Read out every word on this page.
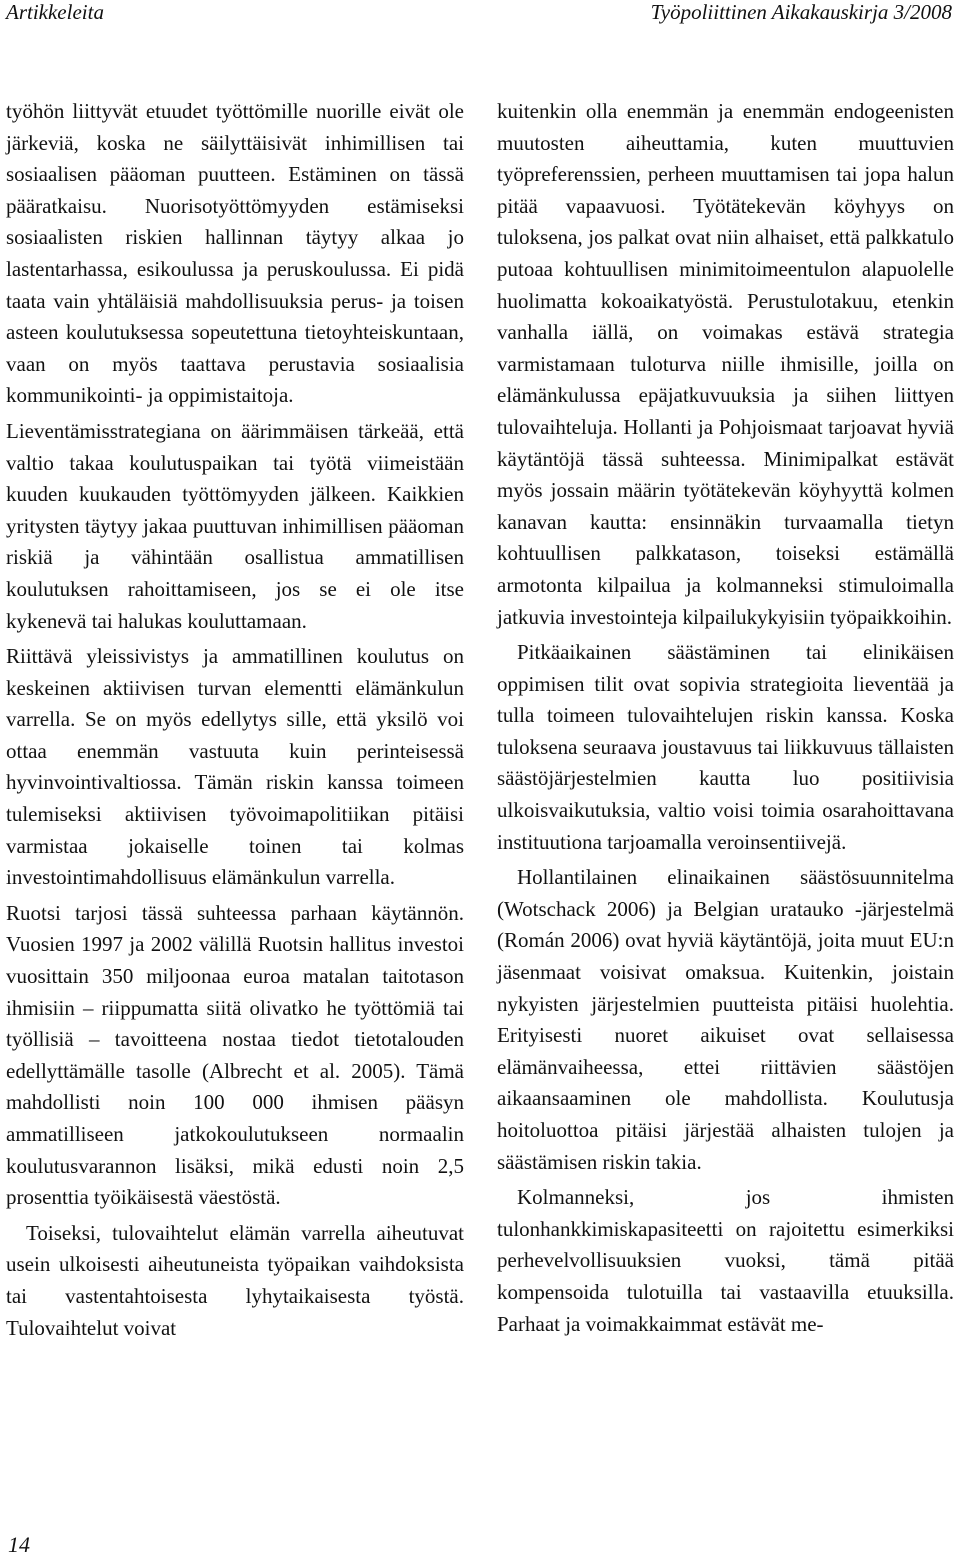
Artikkeleita	Työpoliittinen Aikakauskirja 3/2008

työhön liittyvät etuudet työttömille nuorille eivät ole järkeviä, koska ne säilyttäisivät inhimillisen tai sosiaalisen pääoman puutteen. Estäminen on tässä pääratkaisu. Nuorisotyöttömyyden estämiseksi sosiaalisten riskien hallinnan täytyy alkaa jo lastentarhassa, esikoulussa ja peruskoulussa. Ei pidä taata vain yhtäläisiä mahdollisuuksia perus- ja toisen asteen koulutuksessa sopeutettuna tietoyhteiskuntaan, vaan on myös taattava perustavia sosiaalisia kommunikointi- ja oppimistaitoja.

Lieventämisstrategiana on äärimmäisen tärkeää, että valtio takaa koulutuspaikan tai työtä viimeistään kuuden kuukauden työttömyyden jälkeen. Kaikkien yritysten täytyy jakaa puuttuvan inhimillisen pääoman riskiä ja vähintään osallistua ammatillisen koulutuksen rahoittamiseen, jos se ei ole itse kykenevä tai halukas kouluttamaan.

Riittävä yleissivistys ja ammatillinen koulutus on keskeinen aktiivisen turvan elementti elämänkulun varrella. Se on myös edellytys sille, että yksilö voi ottaa enemmän vastuuta kuin perinteisessä hyvinvointivaltiossa. Tämän riskin kanssa toimeen tulemiseksi aktiivisen työvoimapolitiikan pitäisi varmistaa jokaiselle toinen tai kolmas investointimahdollisuus elämänkulun varrella.

Ruotsi tarjosi tässä suhteessa parhaan käytännön. Vuosien 1997 ja 2002 välillä Ruotsin hallitus investoi vuosittain 350 miljoonaa euroa matalan taitotason ihmisiin – riippumatta siitä olivatko he työttömiä tai työllisiä – tavoitteena nostaa tiedot tietotalouden edellyttämälle tasolle (Albrecht et al. 2005). Tämä mahdollisti noin 100 000 ihmisen pääsyn ammatilliseen jatkokoulutukseen normaalin koulutusvarannon lisäksi, mikä edusti noin 2,5 prosenttia työikäisestä väestöstä.

Toiseksi, tulovaihtelut elämän varrella aiheutuvat usein ulkoisesti aiheutuneista työpaikan vaihdoksista tai vastentahtoisesta lyhytaikaisesta työstä. Tulovaihtelut voivat

kuitenkin olla enemmän ja enemmän endogeenisten muutosten aiheuttamia, kuten muuttuvien työpreferenssien, perheen muuttamisen tai jopa halun pitää vapaavuosi. Työtätekevän köyhyys on tuloksena, jos palkat ovat niin alhaiset, että palkkatulo putoaa kohtuullisen minimitoimeentulon alapuolelle huolimatta kokoaikatyöstä. Perustulotakuu, etenkin vanhalla iällä, on voimakas estävä strategia varmistamaan tuloturva niille ihmisille, joilla on elämänkulussa epäjatkuvuuksia ja siihen liittyen tulovaihteluja. Hollanti ja Pohjoismaat tarjoavat hyviä käytäntöjä tässä suhteessa. Minimipalkat estävät myös jossain määrin työtätekevän köyhyyttä kolmen kanavan kautta: ensinnäkin turvaamalla tietyn kohtuullisen palkkatason, toiseksi estämällä armotonta kilpailua ja kolmanneksi stimuloimalla jatkuvia investointeja kilpailukykyisiin työpaikkoihin.

Pitkäaikainen säästäminen tai elinikäisen oppimisen tilit ovat sopivia strategioita lieventää ja tulla toimeen tulovaihtelujen riskin kanssa. Koska tuloksena seuraava joustavuus tai liikkuvuus tällaisten säästöjärjestelmien kautta luo positiivisia ulkoisvaikutuksia, valtio voisi toimia osarahoittavana instituutiona tarjoamalla veroinsentiivejä.

Hollantilainen elinaikainen säästösuunnitelma (Wotschack 2006) ja Belgian uratauko -järjestelmä (Román 2006) ovat hyviä käytäntöjä, joita muut EU:n jäsenmaat voisivat omaksua. Kuitenkin, joistain nykyisten järjestelmien puutteista pitäisi huolehtia. Erityisesti nuoret aikuiset ovat sellaisessa elämänvaiheessa, ettei riittävien säästöjen aikaansaaminen ole mahdollista. Koulutusja hoitoluottoa pitäisi järjestää alhaisten tulojen ja säästämisen riskin takia.

Kolmanneksi, jos ihmisten tulonhankkimiskapasiteetti on rajoitettu esimerkiksi perhevelvollisuuksien vuoksi, tämä pitää kompensoida tulotuilla tai vastaavilla etuuksilla. Parhaat ja voimakkaimmat estävät me-

14
